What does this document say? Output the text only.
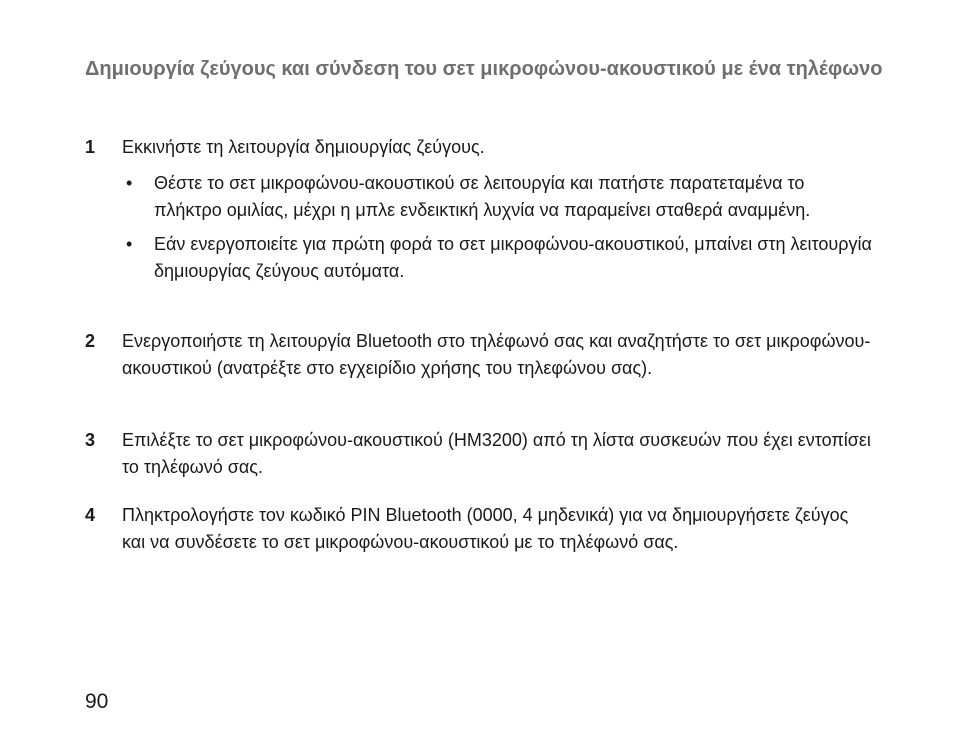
Δημιουργία ζεύγους και σύνδεση του σετ μικροφώνου-ακουστικού με ένα τηλέφωνο
1 Εκκινήστε τη λειτουργία δημιουργίας ζεύγους.
• Θέστε το σετ μικροφώνου-ακουστικού σε λειτουργία και πατήστε παρατεταμένα το πλήκτρο ομιλίας, μέχρι η μπλε ενδεικτική λυχνία να παραμείνει σταθερά αναμμένη.
• Εάν ενεργοποιείτε για πρώτη φορά το σετ μικροφώνου-ακουστικού, μπαίνει στη λειτουργία δημιουργίας ζεύγους αυτόματα.
2 Ενεργοποιήστε τη λειτουργία Bluetooth στο τηλέφωνό σας και αναζητήστε το σετ μικροφώνου-ακουστικού (ανατρέξτε στο εγχειρίδιο χρήσης του τηλεφώνου σας).
3 Επιλέξτε το σετ μικροφώνου-ακουστικού (HM3200) από τη λίστα συσκευών που έχει εντοπίσει το τηλέφωνό σας.
4 Πληκτρολογήστε τον κωδικό PIN Bluetooth (0000, 4 μηδενικά) για να δημιουργήσετε ζεύγος και να συνδέσετε το σετ μικροφώνου-ακουστικού με το τηλέφωνό σας.
90
